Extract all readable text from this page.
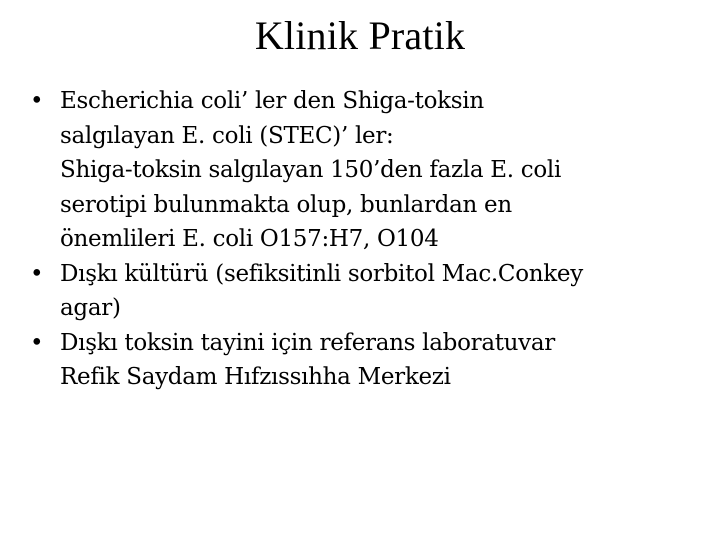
Klinik Pratik
• Escherichia coli’ ler den Shiga-toksin
salgılayan E. coli (STEC)’ ler:
Shiga-toksin salgılayan 150’den fazla E. coli
serotipi bulunmakta olup, bunlardan en
önemlileri E. coli O157:H7, O104
• Dışkı kültürü (sefiksitinli sorbitol Mac.Conkey
agar)
• Dışkı toksin tayini için referans laboratuvar
Refik Saydam Hıfzıssıhha Merkezi
